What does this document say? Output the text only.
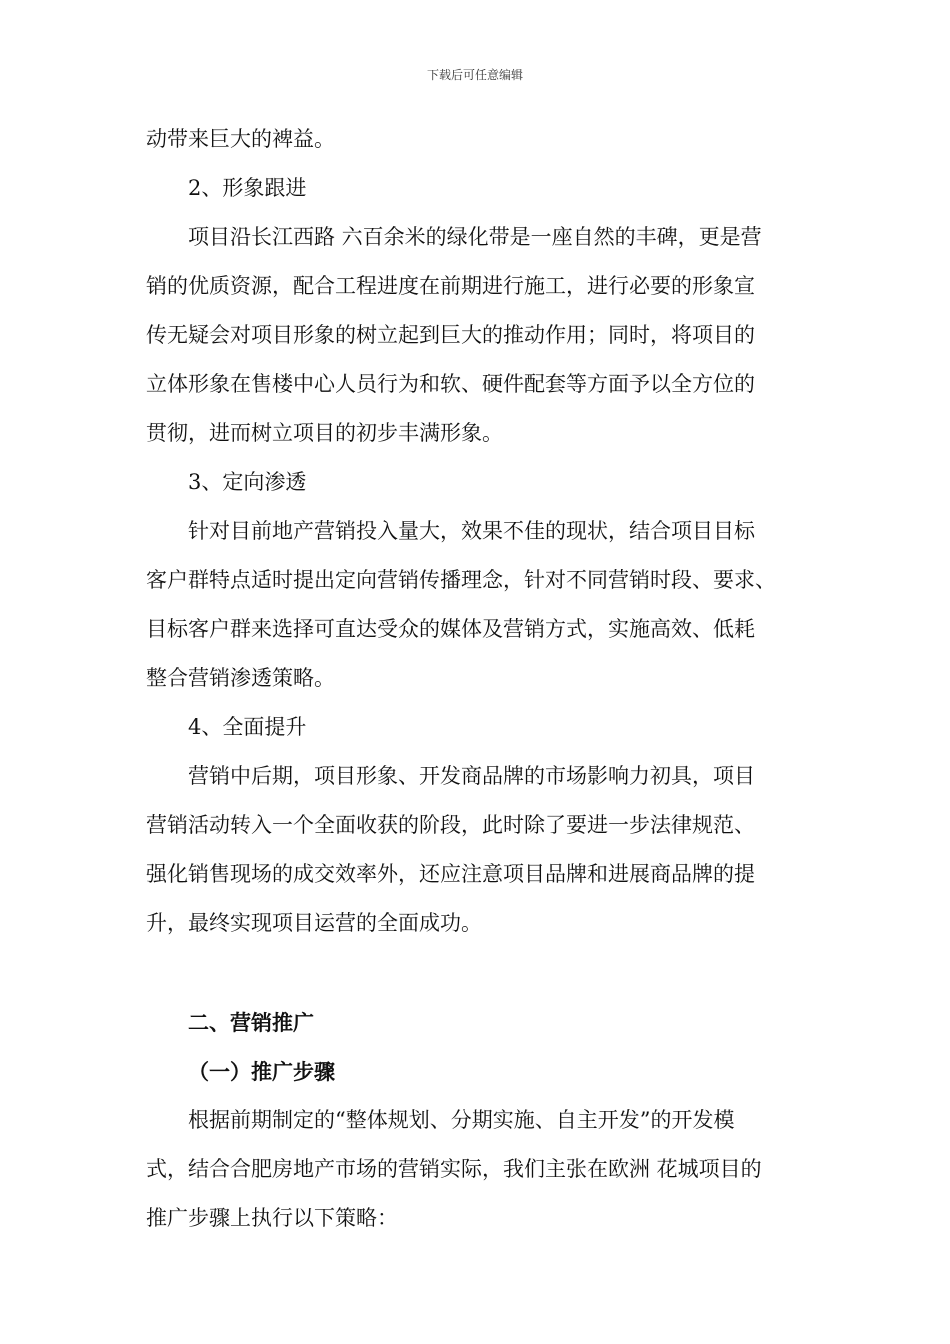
下载后可任意编辑
动带来巨大的裨益。
2、形象跟进
项目沿长江西路 六百余米的绿化带是一座自然的丰碑，更是营
销的优质资源，配合工程进度在前期进行施工，进行必要的形象宣
传无疑会对项目形象的树立起到巨大的推动作用；同时，将项目的
立体形象在售楼中心人员行为和软、硬件配套等方面予以全方位的
贯彻，进而树立项目的初步丰满形象。
3、定向渗透
针对目前地产营销投入量大，效果不佳的现状，结合项目目标
客户群特点适时提出定向营销传播理念，针对不同营销时段、要求、
目标客户群来选择可直达受众的媒体及营销方式，实施高效、低耗
整合营销渗透策略。
4、全面提升
营销中后期，项目形象、开发商品牌的市场影响力初具，项目
营销活动转入一个全面收获的阶段，此时除了要进一步法律规范、
强化销售现场的成交效率外，还应注意项目品牌和进展商品牌的提
升，最终实现项目运营的全面成功。
二、营销推广
（一）推广步骤
根据前期制定的“整体规划、分期实施、自主开发”的开发模
式，结合合肥房地产市场的营销实际，我们主张在欧洲 花城项目的
推广步骤上执行以下策略：
